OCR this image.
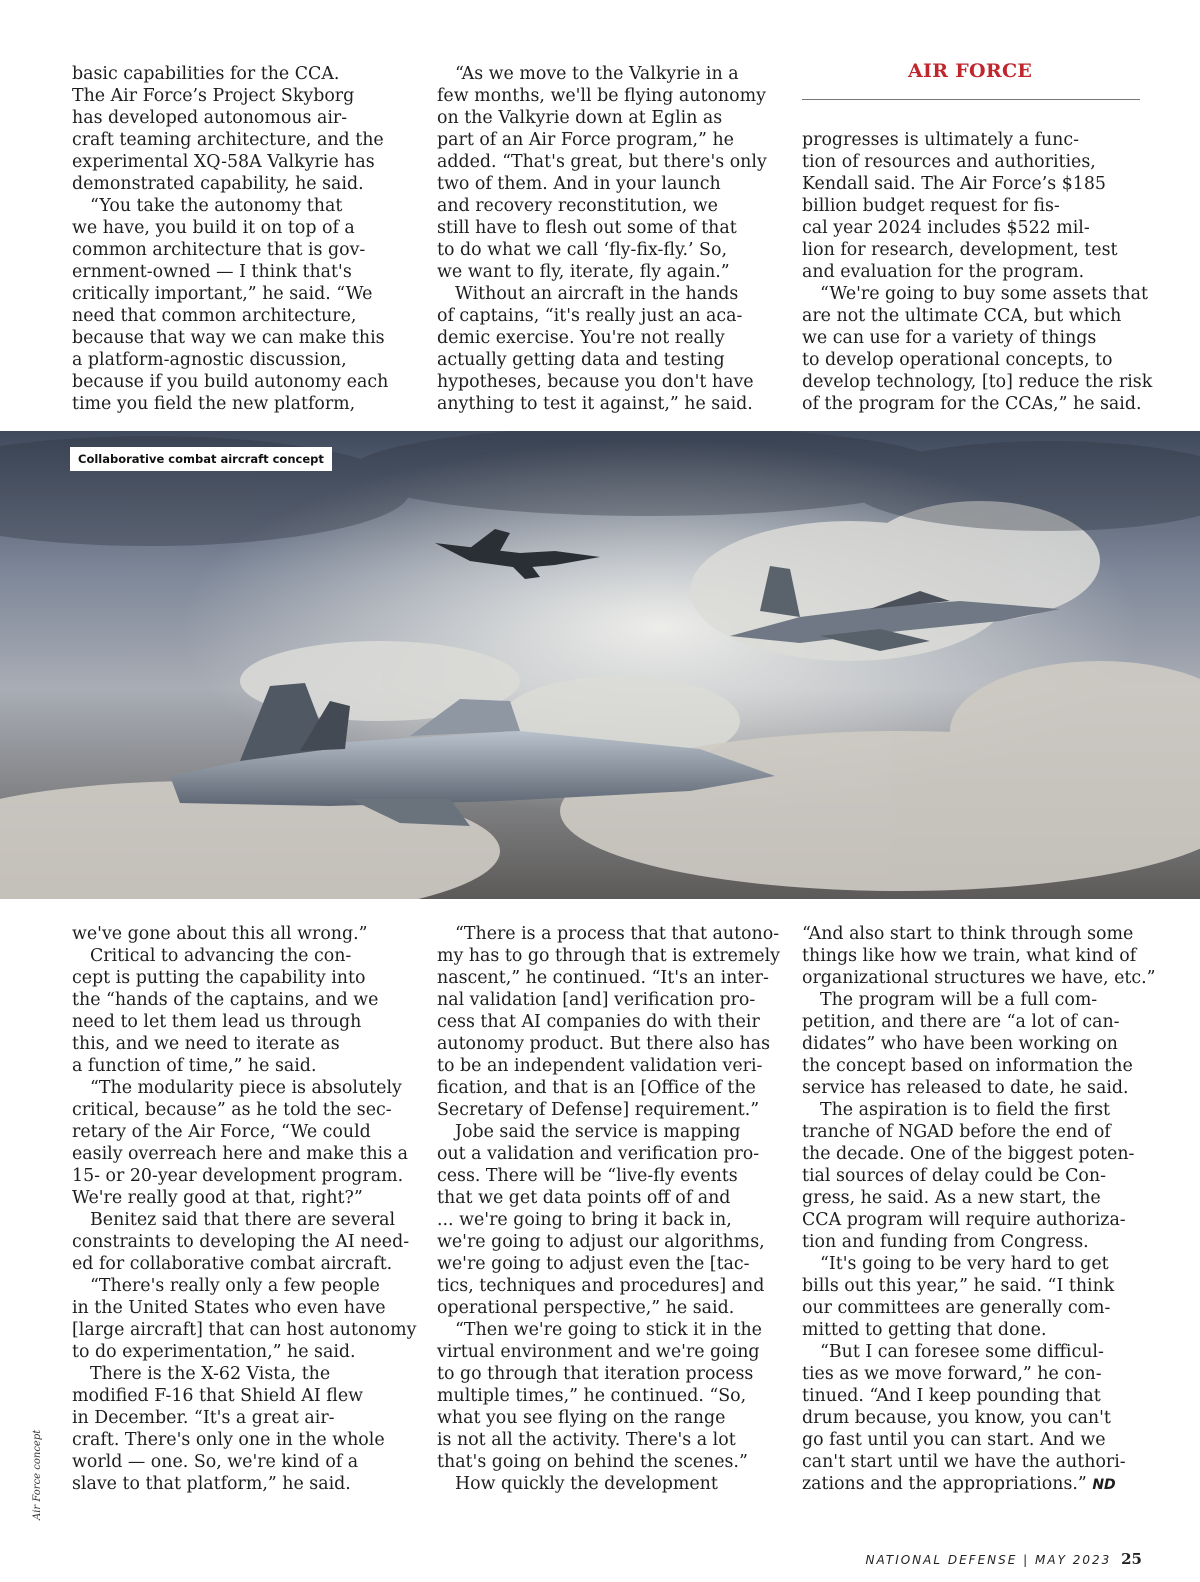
AIR FORCE

basic capabilities for the CCA.
The Air Force’s Project Skyborg
has developed autonomous air-
craft teaming architecture, and the
experimental XQ-58A Valkyrie has
demonstrated capability, he said.

“You take the autonomy that
we have, you build it on top of a
common architecture that is gov-
ernment-owned — I think that's
critically important,” he said. “We
need that common architecture,
because that way we can make this
a platform-agnostic discussion,
because if you build autonomy each
time you field the new platform,

“As we move to the Valkyrie in a
few months, we'll be flying autonomy
on the Valkyrie down at Eglin as
part of an Air Force program,” he
added. “That's great, but there's only
two of them. And in your launch
and recovery reconstitution, we
still have to flesh out some of that
to do what we call ‘fly-fix-fly.’ So,
we want to fly, iterate, fly again.”

Without an aircraft in the hands
of captains, “it's really just an aca-
demic exercise. You're not really
actually getting data and testing
hypotheses, because you don't have
anything to test it against,” he said.

progresses is ultimately a func-
tion of resources and authorities,
Kendall said. The Air Force’s $185
billion budget request for fis-
cal year 2024 includes $522 mil-
lion for research, development, test
and evaluation for the program.

“We're going to buy some assets that
are not the ultimate CCA, but which
we can use for a variety of things
to develop operational concepts, to
develop technology, [to] reduce the risk
of the program for the CCAs,” he said.

Collaborative combat aircraft concept

we've gone about this all wrong.”

Critical to advancing the con-
cept is putting the capability into
the “hands of the captains, and we
need to let them lead us through
this, and we need to iterate as
a function of time,” he said.

“The modularity piece is absolutely
critical, because” as he told the sec-
retary of the Air Force, “We could
easily overreach here and make this a
15- or 20-year development program.
We're really good at that, right?”

Benitez said that there are several
constraints to developing the AI need-
ed for collaborative combat aircraft.

“There's really only a few people
in the United States who even have
[large aircraft] that can host autonomy
to do experimentation,” he said.

There is the X-62 Vista, the
modified F-16 that Shield AI flew
in December. “It's a great air-
craft. There's only one in the whole
world — one. So, we're kind of a
slave to that platform,” he said.

“There is a process that that autono-
my has to go through that is extremely
nascent,” he continued. “It's an inter-
nal validation [and] verification pro-
cess that AI companies do with their
autonomy product. But there also has
to be an independent validation veri-
fication, and that is an [Office of the
Secretary of Defense] requirement.”

Jobe said the service is mapping
out a validation and verification pro-
cess. There will be “live-fly events
that we get data points off of and
... we're going to bring it back in,
we're going to adjust our algorithms,
we're going to adjust even the [tac-
tics, techniques and procedures] and
operational perspective,” he said.

“Then we're going to stick it in the
virtual environment and we're going
to go through that iteration process
multiple times,” he continued. “So,
what you see flying on the range
is not all the activity. There's a lot
that's going on behind the scenes.”

How quickly the development

“And also start to think through some
things like how we train, what kind of
organizational structures we have, etc.”

The program will be a full com-
petition, and there are “a lot of can-
didates” who have been working on
the concept based on information the
service has released to date, he said.

The aspiration is to field the first
tranche of NGAD before the end of
the decade. One of the biggest poten-
tial sources of delay could be Con-
gress, he said. As a new start, the
CCA program will require authoriza-
tion and funding from Congress.

“It's going to be very hard to get
bills out this year,” he said. “I think
our committees are generally com-
mitted to getting that done.

“But I can foresee some difficul-
ties as we move forward,” he con-
tinued. “And I keep pounding that
drum because, you know, you can't
go fast until you can start. And we
can't start until we have the authori-
zations and the appropriations.” ND

Air Force concept
NATIONAL DEFENSE | MAY 2023 25
